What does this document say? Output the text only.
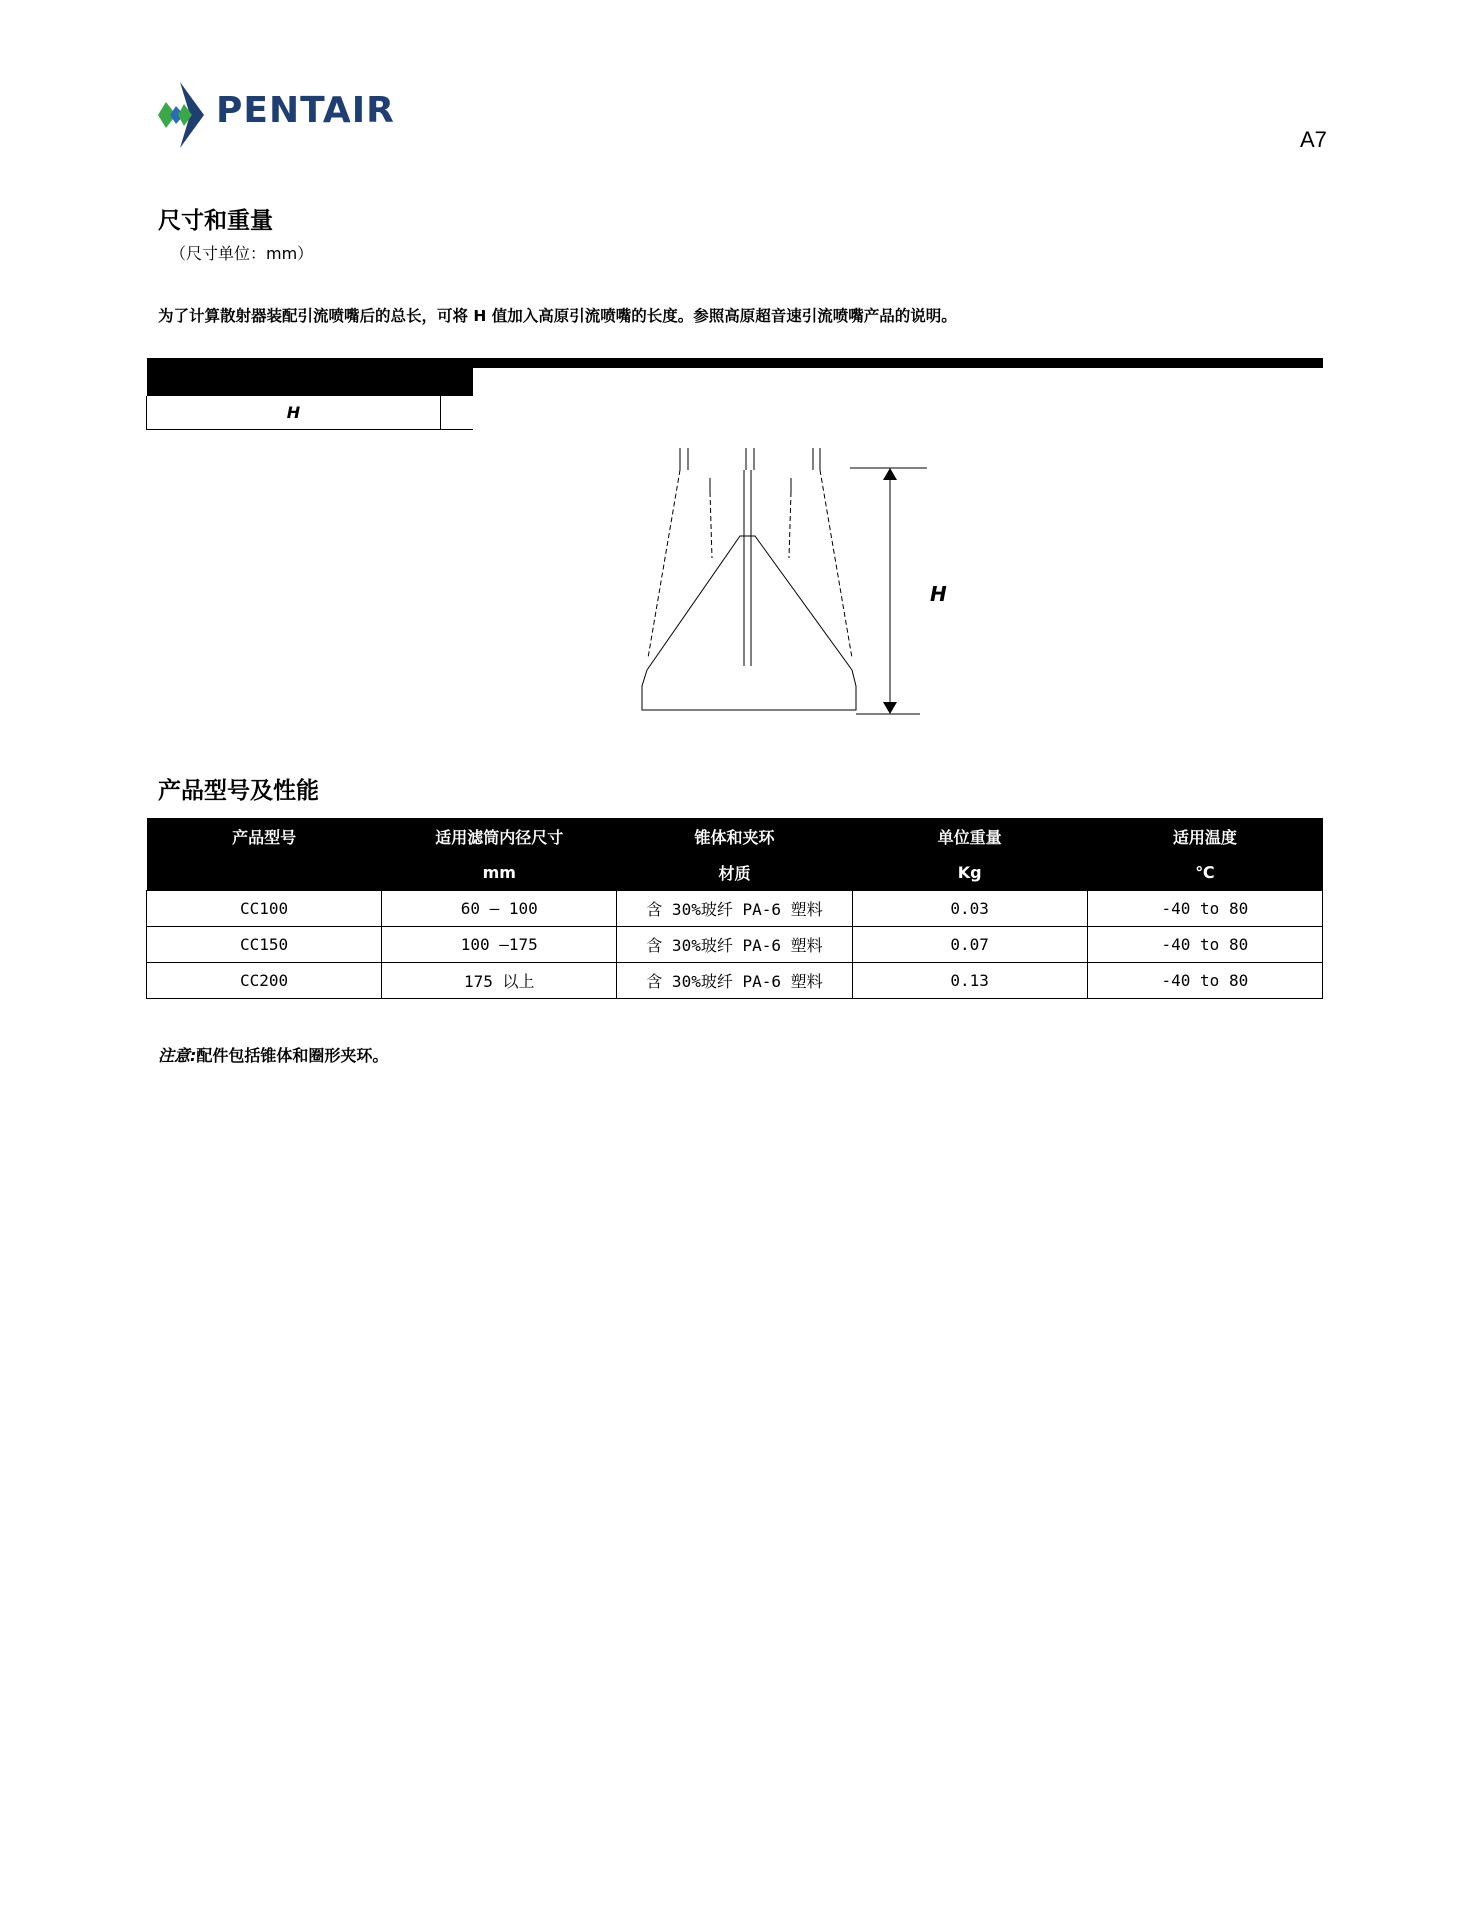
PENTAIR
A7
尺寸和重量
（尺寸单位：mm）
为了计算散射器装配引流喷嘴后的总长，可将 H 值加入高原引流喷嘴的长度。参照高原超音速引流喷嘴产品的说明。

H	
H
产品型号及性能
产品型号	适用滤筒内径尺寸	锥体和夹环	单位重量	适用温度
	mm	材质	Kg	℃
CC100	60 — 100	含 30%玻纤 PA-6 塑料	0.03	-40 to 80
CC150	100 —175	含 30%玻纤 PA-6 塑料	0.07	-40 to 80
CC200	175 以上	含 30%玻纤 PA-6 塑料	0.13	-40 to 80
注意:配件包括锥体和圈形夹环。
